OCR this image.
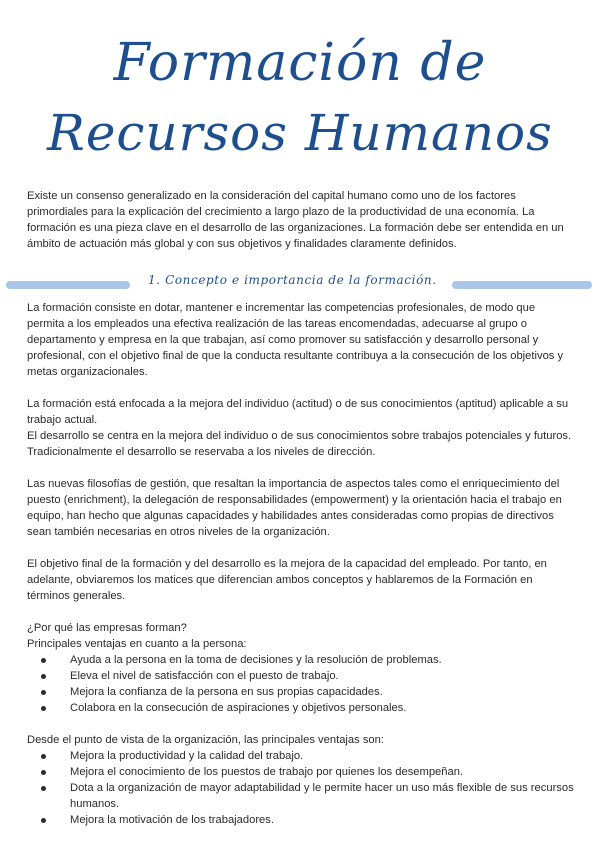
Formación de
Recursos Humanos

Existe un consenso generalizado en la consideración del capital humano como uno de los factores primordiales para la explicación del crecimiento a largo plazo de la productividad de una economía. La formación es una pieza clave en el desarrollo de las organizaciones. La formación debe ser entendida en un ámbito de actuación más global y con sus objetivos y finalidades claramente definidos.

1. Concepto e importancia de la formación.

La formación consiste en dotar, mantener e incrementar las competencias profesionales, de modo que permita a los empleados una efectiva realización de las tareas encomendadas, adecuarse al grupo o departamento y empresa en la que trabajan, así como promover su satisfacción y desarrollo personal y profesional, con el objetivo final de que la conducta resultante contribuya a la consecución de los objetivos y metas organizacionales.

La formación está enfocada a la mejora del individuo (actitud) o de sus conocimientos (aptitud) aplicable a su trabajo actual.

El desarrollo se centra en la mejora del individuo o de sus conocimientos sobre trabajos potenciales y futuros. Tradicionalmente el desarrollo se reservaba a los niveles de dirección.

Las nuevas filosofías de gestión, que resaltan la importancia de aspectos tales como el enriquecimiento del puesto (enrichment), la delegación de responsabilidades (empowerment) y la orientación hacia el trabajo en equipo, han hecho que algunas capacidades y habilidades antes consideradas como propias de directivos sean también necesarias en otros niveles de la organización.

El objetivo final de la formación y del desarrollo es la mejora de la capacidad del empleado. Por tanto, en adelante, obviaremos los matices que diferencian ambos conceptos y hablaremos de la Formación en términos generales.

¿Por qué las empresas forman?

Principales ventajas en cuanto a la persona:

Ayuda a la persona en la toma de decisiones y la resolución de problemas.
Eleva el nivel de satisfacción con el puesto de trabajo.
Mejora la confianza de la persona en sus propias capacidades.
Colabora en la consecución de aspiraciones y objetivos personales.

Desde el punto de vista de la organización, las principales ventajas son:

Mejora la productividad y la calidad del trabajo.
Mejora el conocimiento de los puestos de trabajo por quienes los desempeñan.
Dota a la organización de mayor adaptabilidad y le permite hacer un uso más flexible de sus recursos humanos.
Mejora la motivación de los trabajadores.
